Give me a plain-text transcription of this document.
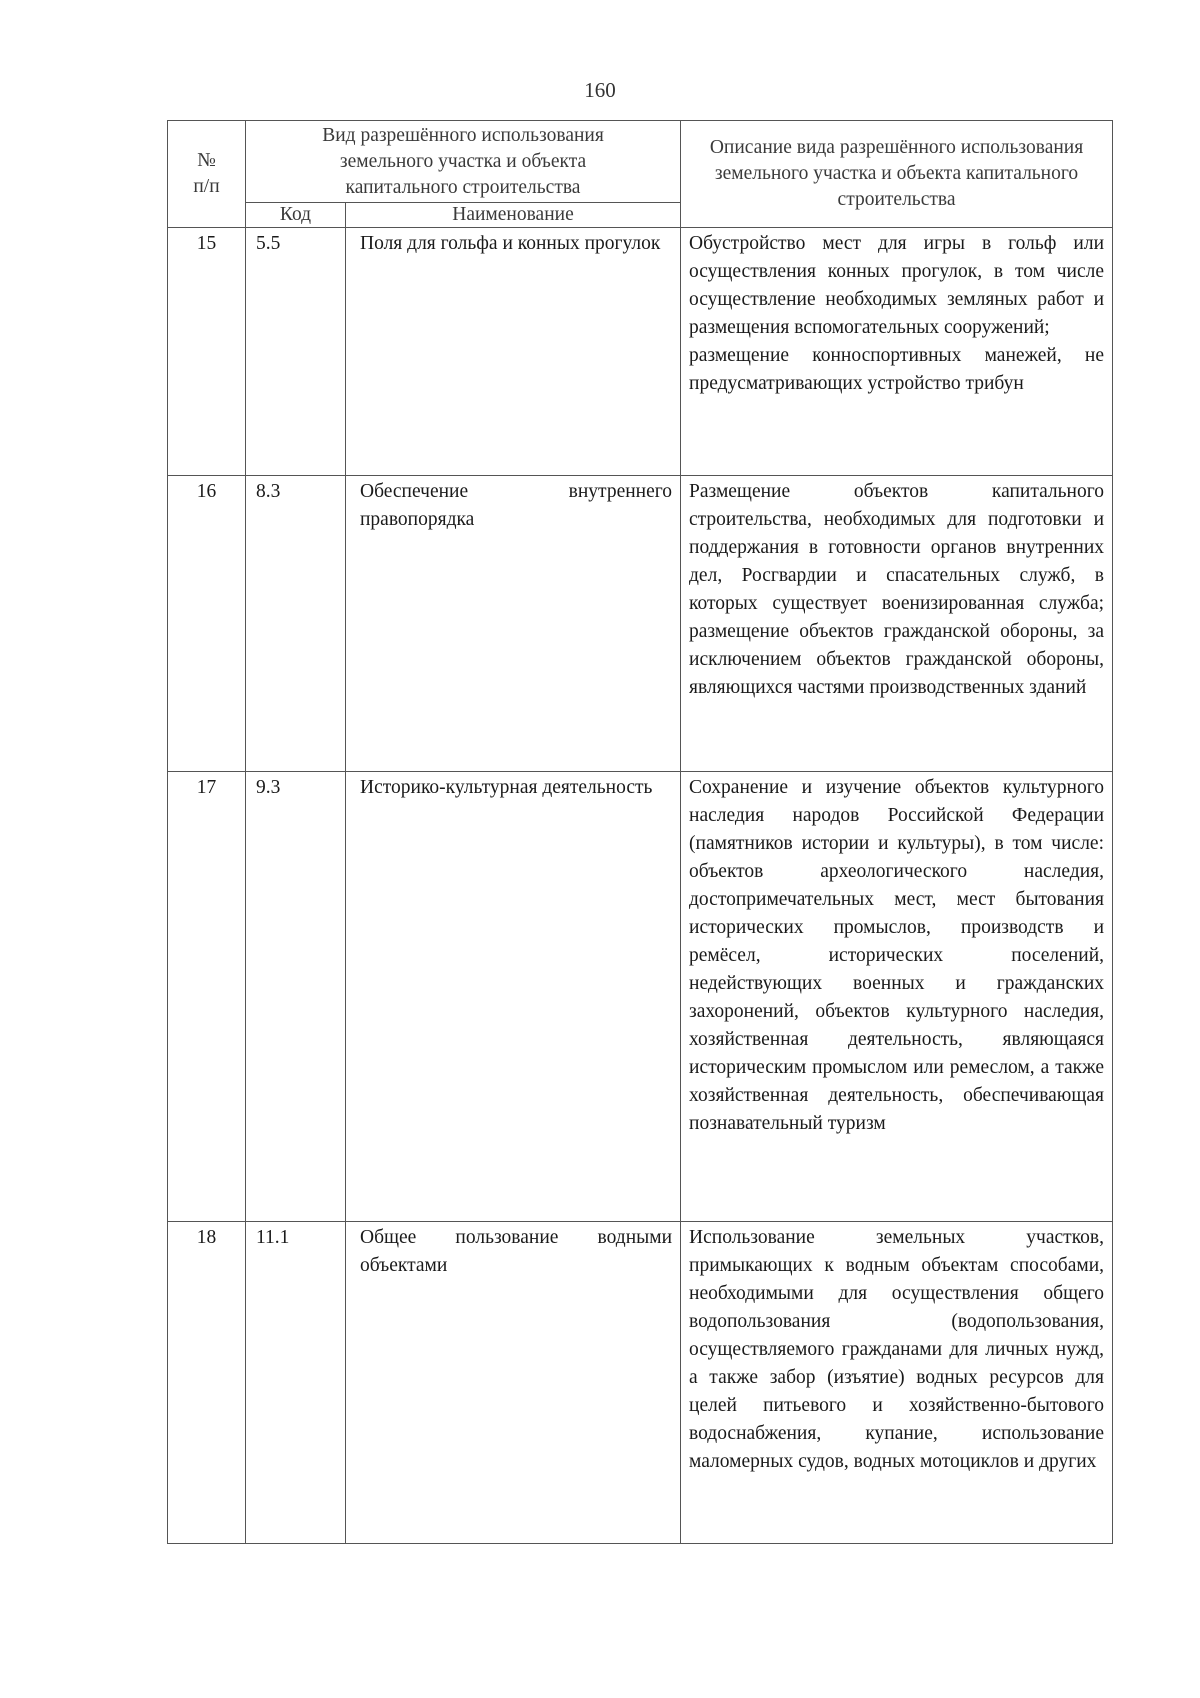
160
№
п/п	Вид разрешённого использования земельного участка и объекта капитального строительства		Описание вида разрешённого использования земельного участка и объекта капитального строительства
	Код	Наименование	
15	5.5	Поля для гольфа и конных прогулок	Обустройство мест для игры в гольф или осуществления конных прогулок, в том числе осуществление необходимых земляных работ и размещения вспомогательных сооружений;
размещение конноспортивных манежей, не предусматривающих устройство трибун

16	8.3	Обеспечение внутреннего правопорядка	Размещение объектов капитального строительства, необходимых для подготовки и поддержания в готовности органов внутренних дел, Росгвардии и спасательных служб, в которых существует военизированная служба; размещение объектов гражданской обороны, за исключением объектов гражданской обороны, являющихся частями производственных зданий

17	9.3	Историко-культурная деятельность	Сохранение и изучение объектов культурного наследия народов Российской Федерации (памятников истории и культуры), в том числе: объектов археологического наследия, достопримечательных мест, мест бытования исторических промыслов, производств и ремёсел, исторических поселений, недействующих военных и гражданских захоронений, объектов культурного наследия, хозяйственная деятельность, являющаяся историческим промыслом или ремеслом, а также хозяйственная деятельность, обеспечивающая познавательный туризм

18	11.1	Общее пользование водными объектами	Использование земельных участков, примыкающих к водным объектам способами, необходимыми для осуществления общего водопользования (водопользования, осуществляемого гражданами для личных нужд, а также забор (изъятие) водных ресурсов для целей питьевого и хозяйственно-бытового водоснабжения, купание, использование маломерных судов, водных мотоциклов и других
